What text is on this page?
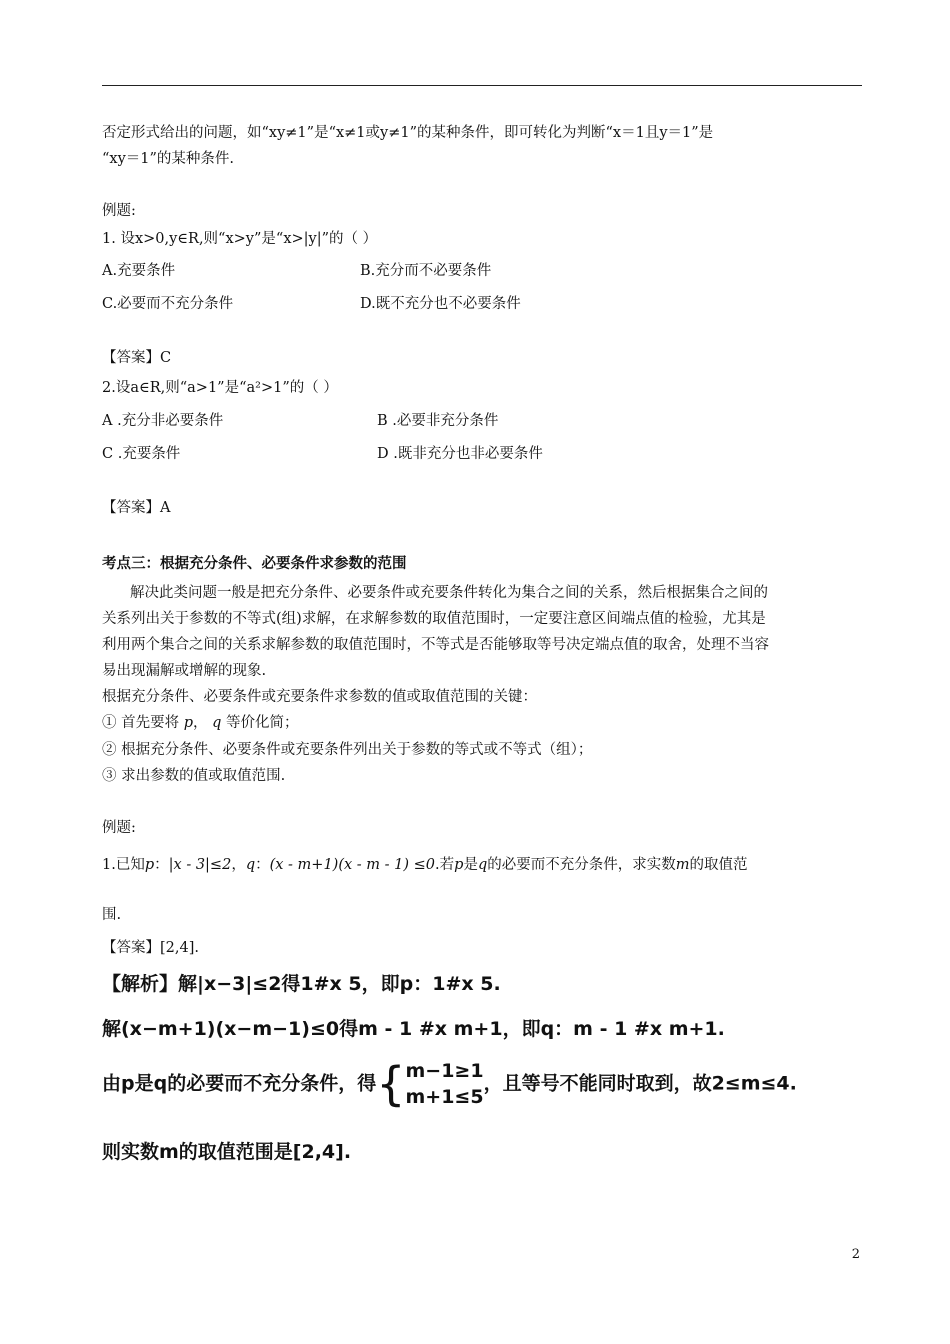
否定形式给出的问题，如“xy≠1”是“x≠1或y≠1”的某种条件，即可转化为判断“x＝1且y＝1”是
“xy＝1”的某种条件.
例题:
1. 设x>0,y∈R,则“x>y”是“x>|y|”的（ ）
A.充要条件	B.充分而不必要条件
C.必要而不充分条件	D.既不充分也不必要条件
【答案】C
2.设a∈R,则“a>1”是“a²>1”的（ ）
A .充分非必要条件	B .必要非充分条件
C .充要条件	D .既非充分也非必要条件
【答案】A
考点三：根据充分条件、必要条件求参数的范围
解决此类问题一般是把充分条件、必要条件或充要条件转化为集合之间的关系，然后根据集合之间的
关系列出关于参数的不等式(组)求解，在求解参数的取值范围时，一定要注意区间端点值的检验，尤其是
利用两个集合之间的关系求解参数的取值范围时，不等式是否能够取等号决定端点值的取舍，处理不当容
易出现漏解或增解的现象.
根据充分条件、必要条件或充要条件求参数的值或取值范围的关键：
① 首先要将 p， q 等价化简；
② 根据充分条件、必要条件或充要条件列出关于参数的等式或不等式（组）；
③ 求出参数的值或取值范围.
例题:
1.已知p：|x - 3|≤2，q：(x - m+1)(x - m - 1) ≤0.若p是q的必要而不充分条件，求实数m的取值范
围.
【答案】[2,4].
【解析】解|x−3|≤2得1#x 5，即p：1#x 5.
解(x−m+1)(x−m−1)≤0得m - 1 #x m+1，即q：m - 1 #x m+1.
由p是q的必要而不充分条件，得{m−1≥1
m+1≤5，且等号不能同时取到，故2≤m≤4.
则实数m的取值范围是[2,4].
2
